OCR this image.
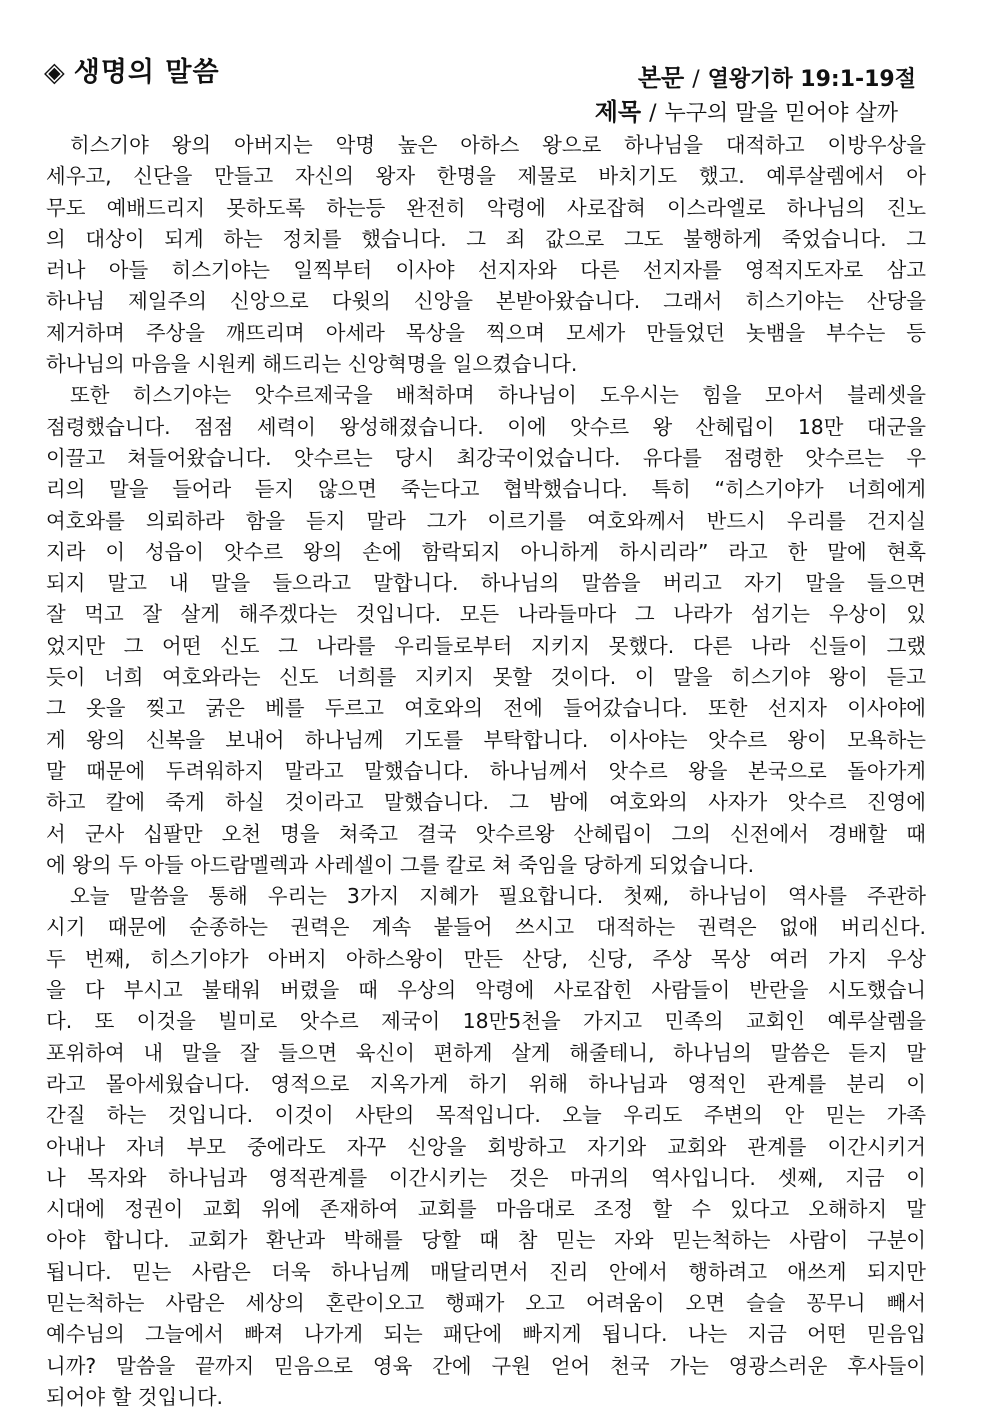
◈ 생명의 말씀	본문 / 열왕기하 19:1-19절
제목 / 누구의 말을 믿어야 살까
히스기야 왕의 아버지는 악명 높은 아하스 왕으로 하나님을 대적하고 이방우상을
세우고, 신단을 만들고 자신의 왕자 한명을 제물로 바치기도 했고. 예루살렘에서 아
무도 예배드리지 못하도록 하는등 완전히 악령에 사로잡혀 이스라엘로 하나님의 진노
의 대상이 되게 하는 정치를 했습니다. 그 죄 값으로 그도 불행하게 죽었습니다. 그
러나 아들 히스기야는 일찍부터 이사야 선지자와 다른 선지자를 영적지도자로 삼고
하나님 제일주의 신앙으로 다윗의 신앙을 본받아왔습니다. 그래서 히스기야는 산당을
제거하며 주상을 깨뜨리며 아세라 목상을 찍으며 모세가 만들었던 놋뱀을 부수는 등
하나님의 마음을 시원케 해드리는 신앙혁명을 일으켰습니다.
또한 히스기야는 앗수르제국을 배척하며 하나님이 도우시는 힘을 모아서 블레셋을
점령했습니다. 점점 세력이 왕성해졌습니다. 이에 앗수르 왕 산헤립이 18만 대군을
이끌고 쳐들어왔습니다. 앗수르는 당시 최강국이었습니다. 유다를 점령한 앗수르는 우
리의 말을 들어라 듣지 않으면 죽는다고 협박했습니다. 특히 “히스기야가 너희에게
여호와를 의뢰하라 함을 듣지 말라 그가 이르기를 여호와께서 반드시 우리를 건지실
지라 이 성읍이 앗수르 왕의 손에 함락되지 아니하게 하시리라” 라고 한 말에 현혹
되지 말고 내 말을 들으라고 말합니다. 하나님의 말씀을 버리고 자기 말을 들으면
잘 먹고 잘 살게 해주겠다는 것입니다. 모든 나라들마다 그 나라가 섬기는 우상이 있
었지만 그 어떤 신도 그 나라를 우리들로부터 지키지 못했다. 다른 나라 신들이 그랬
듯이 너희 여호와라는 신도 너희를 지키지 못할 것이다. 이 말을 히스기야 왕이 듣고
그 옷을 찢고 굵은 베를 두르고 여호와의 전에 들어갔습니다. 또한 선지자 이사야에
게 왕의 신복을 보내어 하나님께 기도를 부탁합니다. 이사야는 앗수르 왕이 모욕하는
말 때문에 두려워하지 말라고 말했습니다. 하나님께서 앗수르 왕을 본국으로 돌아가게
하고 칼에 죽게 하실 것이라고 말했습니다. 그 밤에 여호와의 사자가 앗수르 진영에
서 군사 십팔만 오천 명을 쳐죽고 결국 앗수르왕 산헤립이 그의 신전에서 경배할 때
에 왕의 두 아들 아드람멜렉과 사레셀이 그를 칼로 쳐 죽임을 당하게 되었습니다.
오늘 말씀을 통해 우리는 3가지 지혜가 필요합니다. 첫째, 하나님이 역사를 주관하
시기 때문에 순종하는 권력은 계속 붙들어 쓰시고 대적하는 권력은 없애 버리신다.
두 번째, 히스기야가 아버지 아하스왕이 만든 산당, 신당, 주상 목상 여러 가지 우상
을 다 부시고 불태워 버렸을 때 우상의 악령에 사로잡힌 사람들이 반란을 시도했습니
다. 또 이것을 빌미로 앗수르 제국이 18만5천을 가지고 민족의 교회인 예루살렘을
포위하여 내 말을 잘 들으면 육신이 편하게 살게 해줄테니, 하나님의 말씀은 듣지 말
라고 몰아세웠습니다. 영적으로 지옥가게 하기 위해 하나님과 영적인 관계를 분리 이
간질 하는 것입니다. 이것이 사탄의 목적입니다. 오늘 우리도 주변의 안 믿는 가족
아내나 자녀 부모 중에라도 자꾸 신앙을 회방하고 자기와 교회와 관계를 이간시키거
나 목자와 하나님과 영적관계를 이간시키는 것은 마귀의 역사입니다. 셋째, 지금 이
시대에 정권이 교회 위에 존재하여 교회를 마음대로 조정 할 수 있다고 오해하지 말
아야 합니다. 교회가 환난과 박해를 당할 때 참 믿는 자와 믿는척하는 사람이 구분이
됩니다. 믿는 사람은 더욱 하나님께 매달리면서 진리 안에서 행하려고 애쓰게 되지만
믿는척하는 사람은 세상의 혼란이오고 행패가 오고 어려움이 오면 슬슬 꽁무니 빼서
예수님의 그늘에서 빠져 나가게 되는 패단에 빠지게 됩니다. 나는 지금 어떤 믿음입
니까? 말씀을 끝까지 믿음으로 영육 간에 구원 얻어 천국 가는 영광스러운 후사들이
되어야 할 것입니다.
